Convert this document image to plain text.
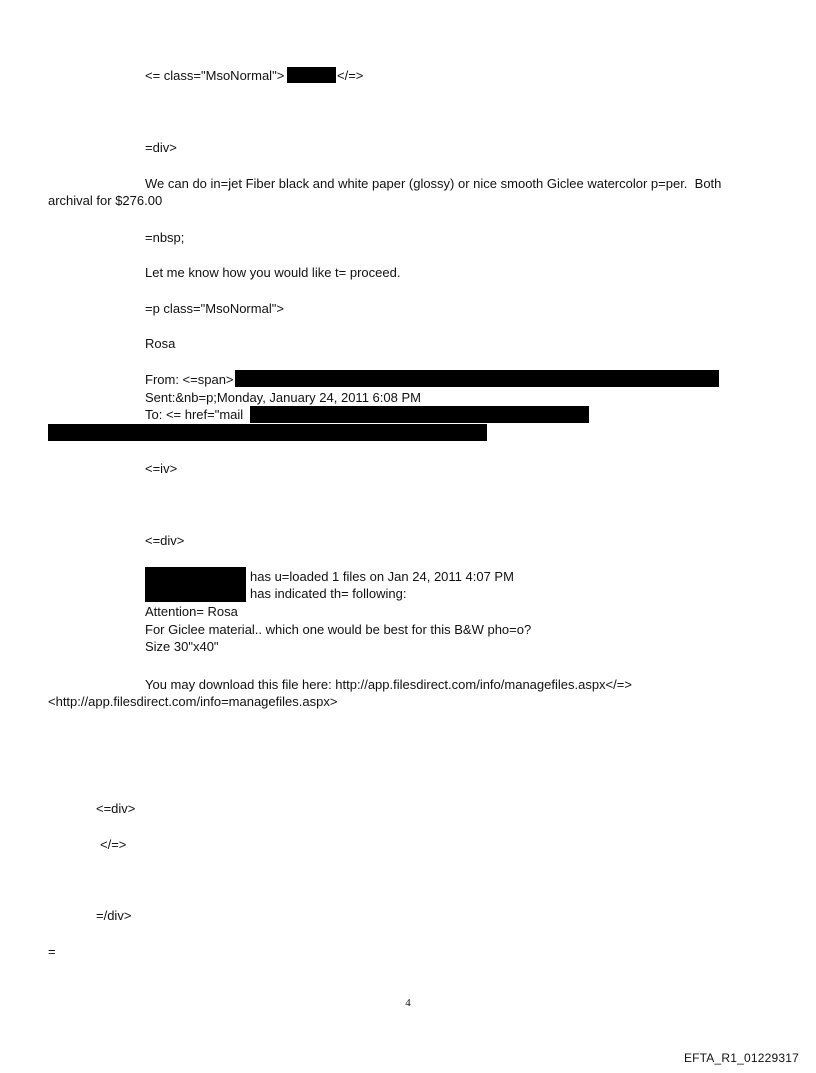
<= class="MsoNormal">	</=>
=div>
We can do in=jet Fiber black and white paper (glossy) or nice smooth Giclee watercolor p=per.  Both
archival for $276.00
=nbsp;
Let me know how you would like t= proceed.
=p class="MsoNormal">
Rosa
From: <=span>
Sent:&nb=p;Monday, January 24, 2011 6:08 PM
To: <= href="mail
<=iv>
<=div>
has u=loaded 1 files on Jan 24, 2011 4:07 PM
has indicated th= following:
Attention= Rosa
For Giclee material.. which one would be best for this B&W pho=o?
Size 30"x40"
You may download this file here: http://app.filesdirect.com/info/managefiles.aspx</=>
<http://app.filesdirect.com/info=managefiles.aspx>
<=div>
</=>
=/div>
=
4
EFTA_R1_01229317
